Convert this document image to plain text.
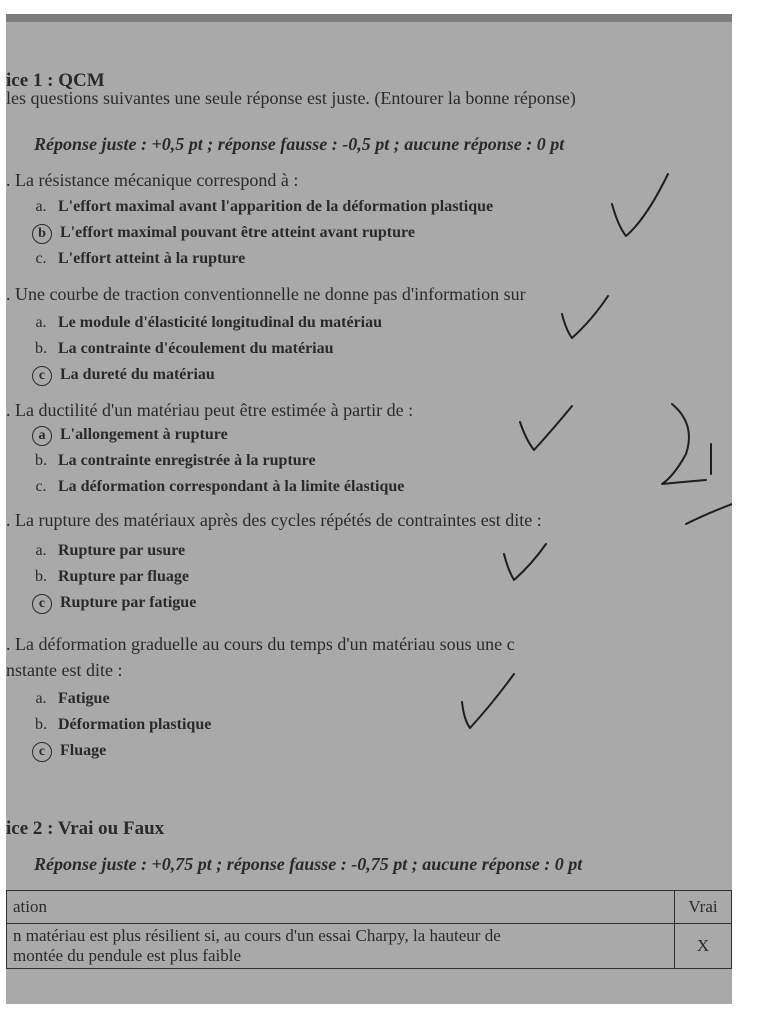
ice 1 : QCM
les questions suivantes une seule réponse est juste. (Entourer la bonne réponse)
Réponse juste : +0,5 pt ; réponse fausse : -0,5 pt ; aucune réponse : 0 pt
. La résistance mécanique correspond à :
a. L'effort maximal avant l'apparition de la déformation plastique
b L'effort maximal pouvant être atteint avant rupture
c. L'effort atteint à la rupture
. Une courbe de traction conventionnelle ne donne pas d'information sur
a. Le module d'élasticité longitudinal du matériau
b. La contrainte d'écoulement du matériau
c La dureté du matériau
. La ductilité d'un matériau peut être estimée à partir de :
a L'allongement à rupture
b. La contrainte enregistrée à la rupture
c. La déformation correspondant à la limite élastique
. La rupture des matériaux après des cycles répétés de contraintes est dite :
a. Rupture par usure
b. Rupture par fluage
c Rupture par fatigue
. La déformation graduelle au cours du temps d'un matériau sous une c
nstante est dite :
a. Fatigue
b. Déformation plastique
c Fluage
ice 2 : Vrai ou Faux
Réponse juste : +0,75 pt ; réponse fausse : -0,75 pt ; aucune réponse : 0 pt
ation	Vrai

n matériau est plus résilient si, au cours d'un essai Charpy, la hauteur de
montée du pendule est plus faible	X
